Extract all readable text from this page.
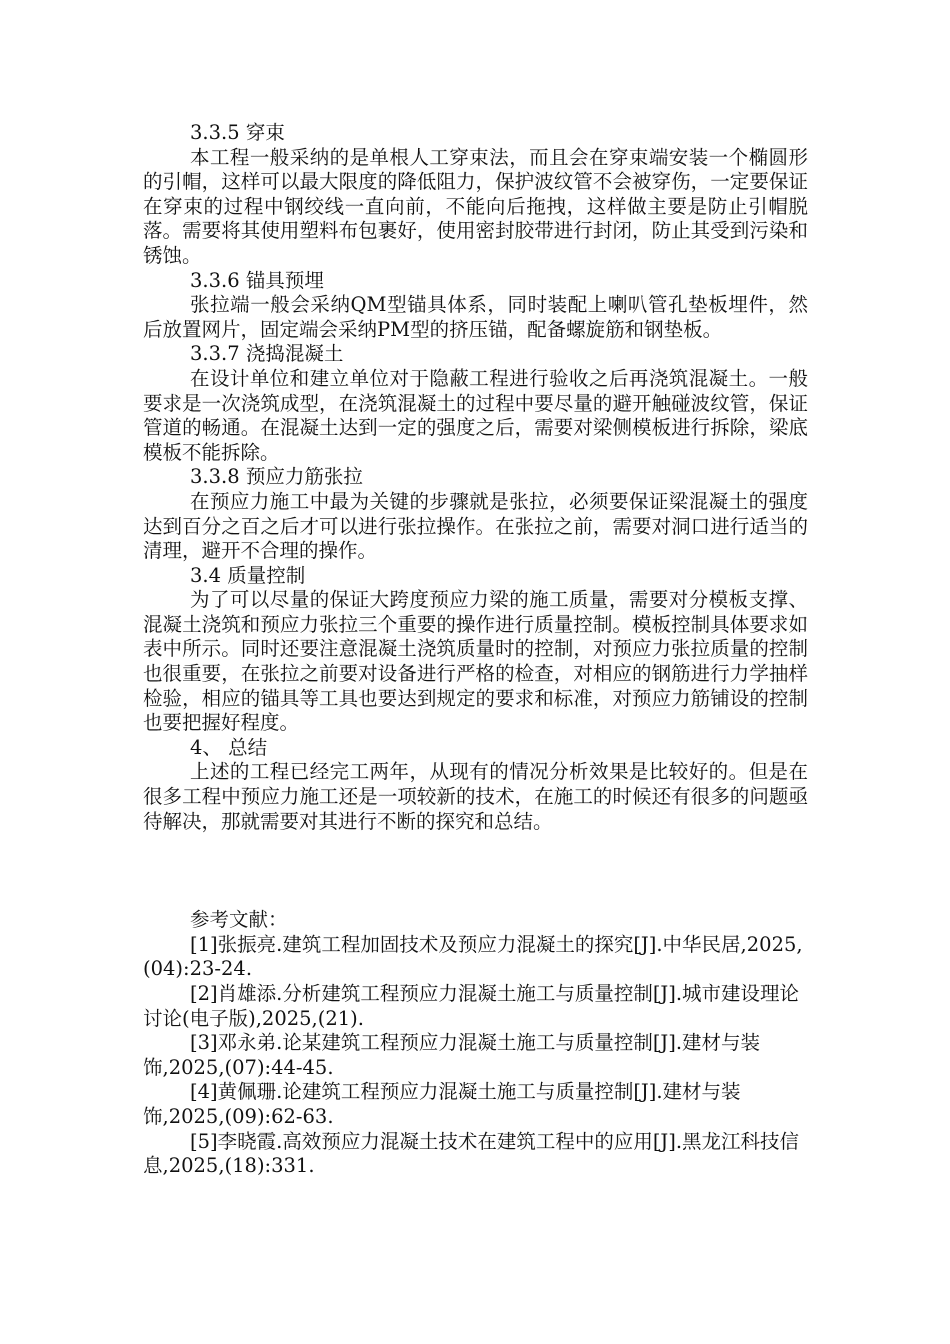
3.3.5 穿束

本工程一般采纳的是单根人工穿束法，而且会在穿束端安装一个椭圆形的引帽，这样可以最大限度的降低阻力，保护波纹管不会被穿伤，一定要保证在穿束的过程中钢绞线一直向前，不能向后拖拽，这样做主要是防止引帽脱落。需要将其使用塑料布包裹好，使用密封胶带进行封闭，防止其受到污染和锈蚀。

3.3.6 锚具预埋

张拉端一般会采纳QM型锚具体系，同时装配上喇叭管孔垫板埋件，然后放置网片，固定端会采纳PM型的挤压锚，配备螺旋筋和钢垫板。

3.3.7 浇捣混凝土

在设计单位和建立单位对于隐蔽工程进行验收之后再浇筑混凝土。一般要求是一次浇筑成型，在浇筑混凝土的过程中要尽量的避开触碰波纹管，保证管道的畅通。在混凝土达到一定的强度之后，需要对梁侧模板进行拆除，梁底模板不能拆除。

3.3.8 预应力筋张拉

在预应力施工中最为关键的步骤就是张拉，必须要保证梁混凝土的强度达到百分之百之后才可以进行张拉操作。在张拉之前，需要对洞口进行适当的清理，避开不合理的操作。

3.4 质量控制

为了可以尽量的保证大跨度预应力梁的施工质量，需要对分模板支撑、混凝土浇筑和预应力张拉三个重要的操作进行质量控制。模板控制具体要求如表中所示。同时还要注意混凝土浇筑质量时的控制，对预应力张拉质量的控制也很重要，在张拉之前要对设备进行严格的检查，对相应的钢筋进行力学抽样检验，相应的锚具等工具也要达到规定的要求和标准，对预应力筋铺设的控制也要把握好程度。

4、 总结

上述的工程已经完工两年，从现有的情况分析效果是比较好的。但是在很多工程中预应力施工还是一项较新的技术，在施工的时候还有很多的问题亟待解决，那就需要对其进行不断的探究和总结。

参考文献：

[1]张振亮.建筑工程加固技术及预应力混凝土的探究[J].中华民居,2025,(04):23-24.

[2]肖雄添.分析建筑工程预应力混凝土施工与质量控制[J].城市建设理论讨论(电子版),2025,(21).

[3]邓永弟.论某建筑工程预应力混凝土施工与质量控制[J].建材与装饰,2025,(07):44-45.

[4]黄佩珊.论建筑工程预应力混凝土施工与质量控制[J].建材与装饰,2025,(09):62-63.

[5]李晓霞.高效预应力混凝土技术在建筑工程中的应用[J].黑龙江科技信息,2025,(18):331.
